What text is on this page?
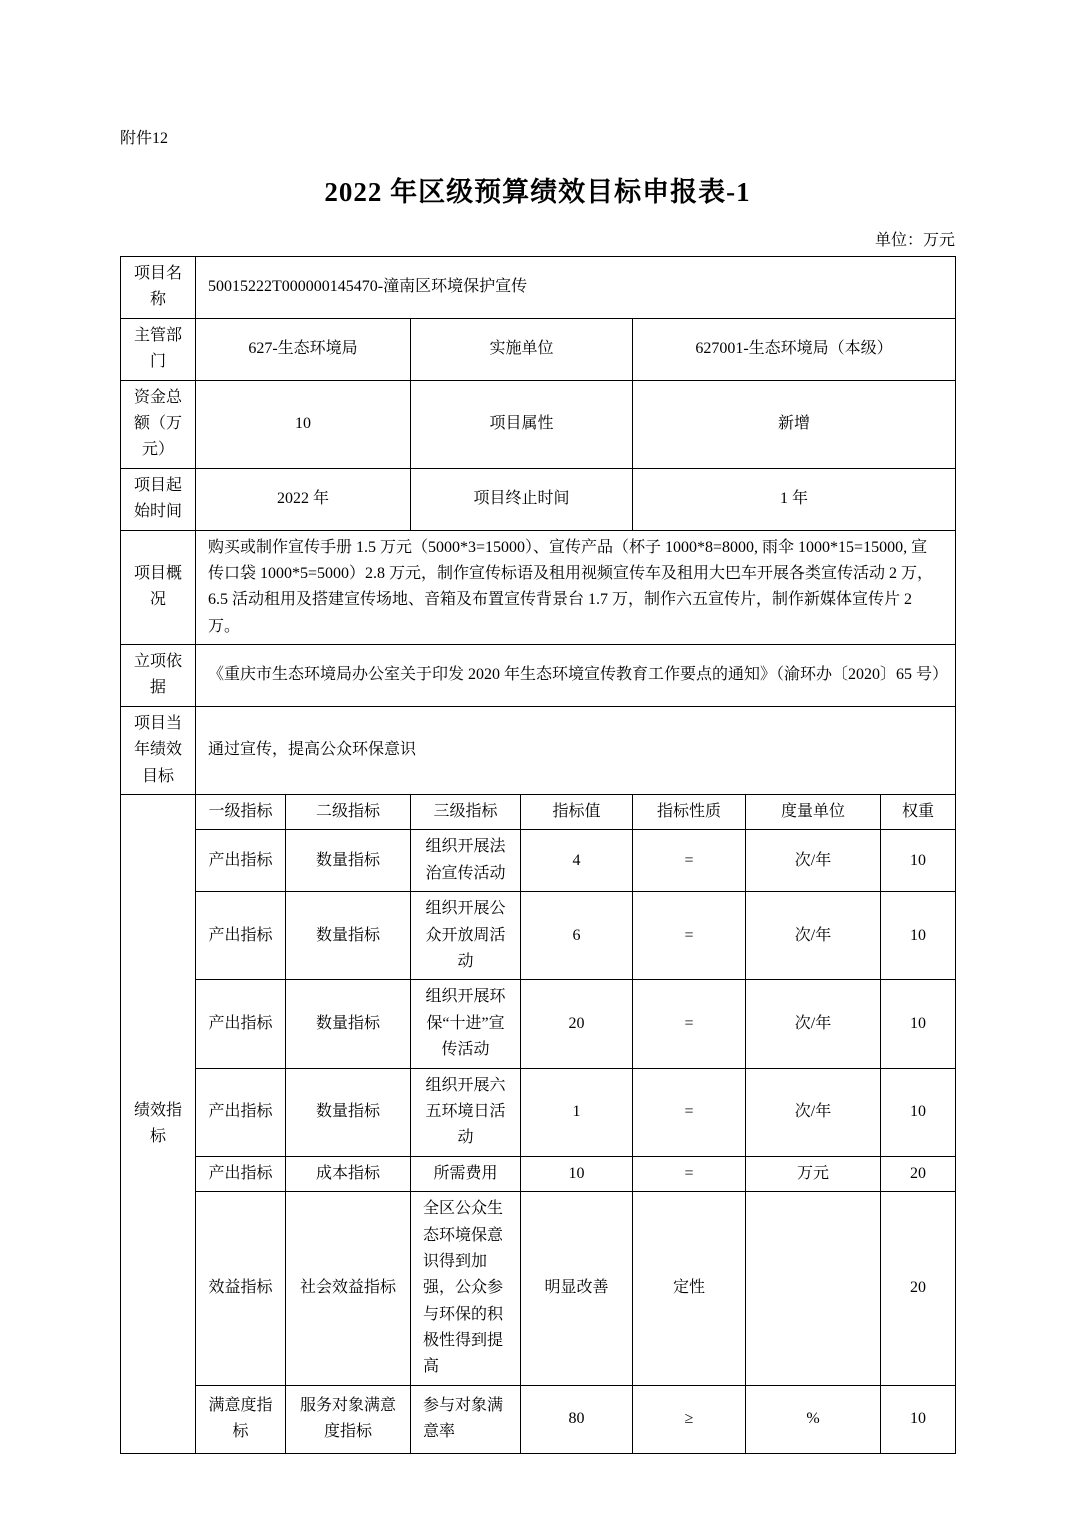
附件12
2022 年区级预算绩效目标申报表-1
单位：万元
项目名称	50015222T000000145470-潼南区环境保护宣传						
主管部门	627-生态环境局		实施单位		627001-生态环境局（本级）		
资金总额（万元）	10		项目属性		新增		
项目起始时间	2022 年		项目终止时间		1 年		
项目概况	购买或制作宣传手册 1.5 万元（5000*3=15000）、宣传产品（杯子 1000*8=8000, 雨伞 1000*15=15000, 宣传口袋 1000*5=5000）2.8 万元，制作宣传标语及租用视频宣传车及租用大巴车开展各类宣传活动 2 万，6.5 活动租用及搭建宣传场地、音箱及布置宣传背景台 1.7 万，制作六五宣传片，制作新媒体宣传片 2 万。						
立项依据	《重庆市生态环境局办公室关于印发 2020 年生态环境宣传教育工作要点的通知》（渝环办〔2020〕65 号）						
项目当年绩效目标	通过宣传，提高公众环保意识						
绩效指标	一级指标	二级指标	三级指标	指标值	指标性质	度量单位	权重
	产出指标	数量指标	组织开展法治宣传活动	4	=	次/年	10
	产出指标	数量指标	组织开展公众开放周活动	6	=	次/年	10
	产出指标	数量指标	组织开展环保“十进”宣传活动	20	=	次/年	10
	产出指标	数量指标	组织开展六五环境日活动	1	=	次/年	10
	产出指标	成本指标	所需费用	10	=	万元	20
	效益指标	社会效益指标	全区公众生态环境保意识得到加强，公众参与环保的积极性得到提高	明显改善	定性		20
	满意度指标	服务对象满意度指标	参与对象满意率	80	≥	%	10
